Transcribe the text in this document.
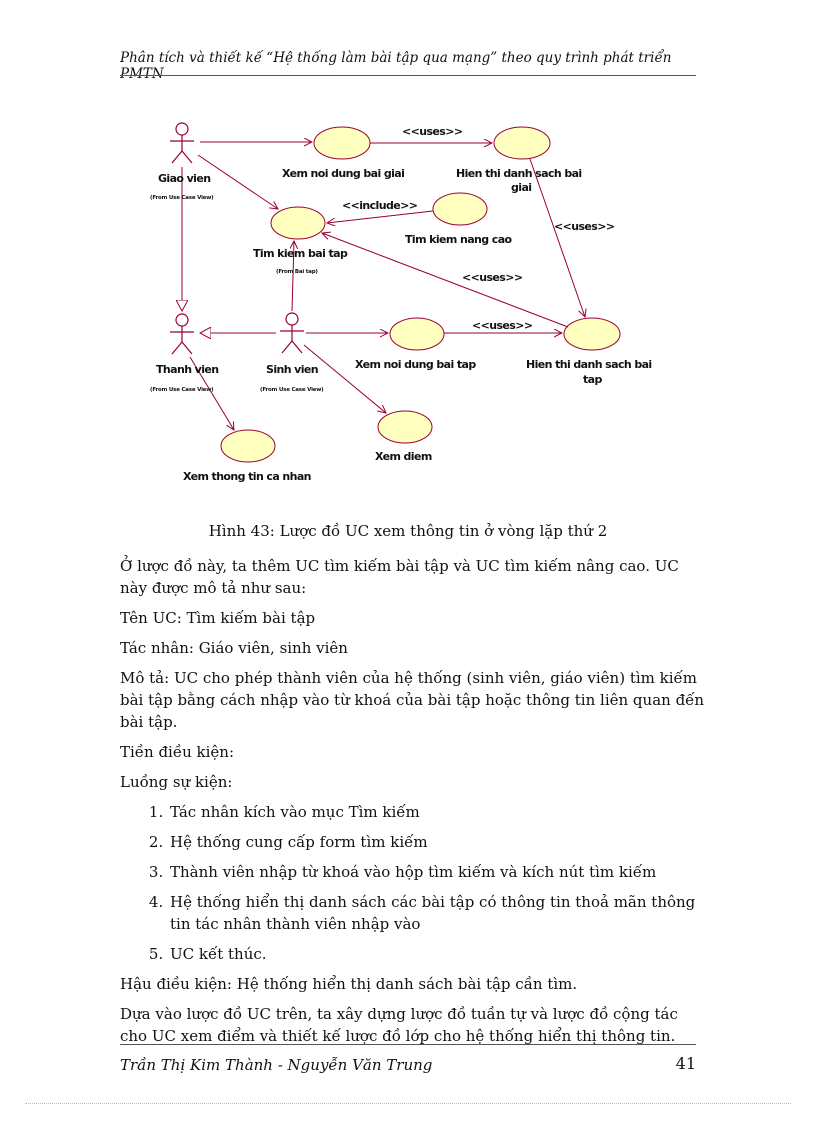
Phân tích và thiết kế “Hệ thống làm bài tập qua mạng” theo quy trình phát triển PMTN
Giao vien
(From Use Case View)
Thanh vien
(From Use Case View)
Sinh vien
(From Use Case View)
Xem noi dung bai giai	Hien thi danh sach bai
giai
Tim kiem bai tap
(From Bai tap)
Tim kiem nang cao
Xem noi dung bai tap	Hien thi danh sach bai
tap
Xem thong tin ca nhan
Xem diem
<<uses>>
<<include>>
<<uses>>
<<uses>>
<<uses>>
Hình 43: Lược đồ UC xem thông tin ở vòng lặp thứ 2

Ở lược đồ này, ta thêm UC tìm kiếm bài tập và UC tìm kiếm nâng cao. UC này được mô tả như sau:

Tên UC: Tìm kiếm bài tập

Tác nhân: Giáo viên, sinh viên

Mô tả: UC cho phép thành viên của hệ thống (sinh viên, giáo viên) tìm kiếm bài tập bằng cách nhập vào từ khoá của bài tập hoặc thông tin liên quan đến bài tập.

Tiền điều kiện:

Luồng sự kiện:

1. Tác nhân kích vào mục Tìm kiếm
2. Hệ thống cung cấp form tìm kiếm
3. Thành viên nhập từ khoá vào hộp tìm kiếm và kích nút tìm kiếm
4. Hệ thống hiển thị danh sách các bài tập có thông tin thoả mãn thông tin tác nhân thành viên nhập vào
5. UC kết thúc.

Hậu điều kiện: Hệ thống hiển thị danh sách bài tập cần tìm.

Dựa vào lược đồ UC trên, ta xây dựng lược đồ tuần tự và lược đồ cộng tác cho UC xem điểm và thiết kế lược đồ lớp cho hệ thống hiển thị thông tin.

Trần Thị Kim Thành - Nguyễn Văn Trung	41
